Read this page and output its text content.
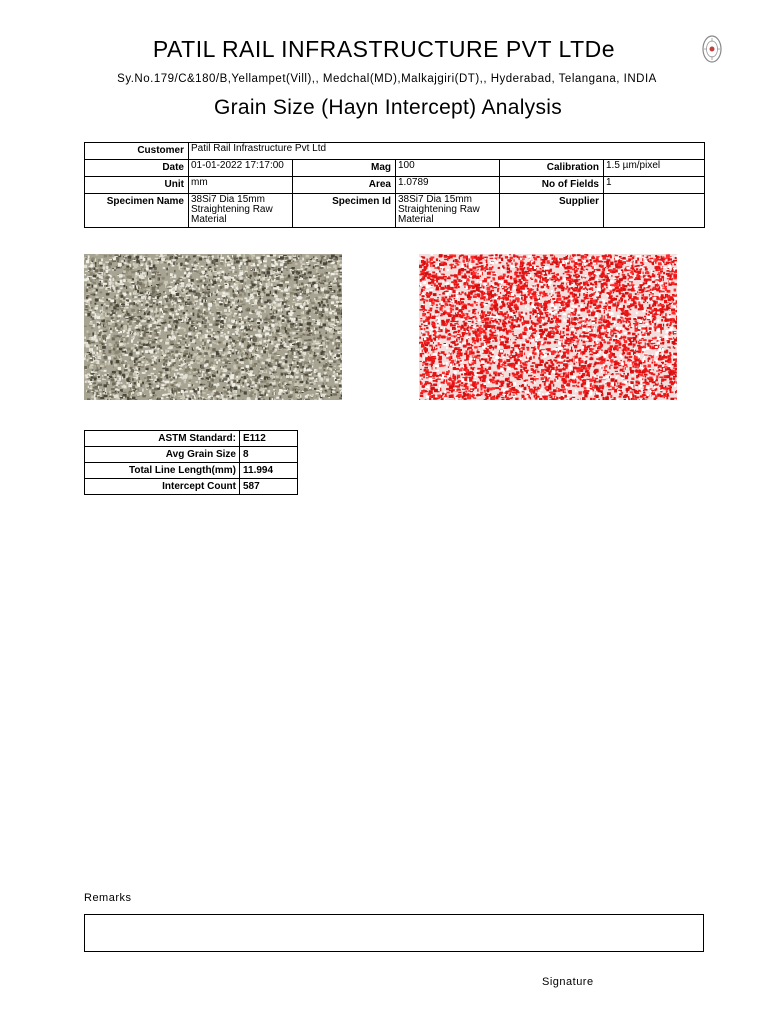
PATIL RAIL INFRASTRUCTURE PVT LTDe
Sy.No.179/C&180/B,Yellampet(Vill),, Medchal(MD),Malkajgiri(DT),, Hyderabad, Telangana, INDIA
Grain Size (Hayn Intercept) Analysis
Customer	Patil Rail Infrastructure Pvt Ltd				
Date	01-01-2022 17:17:00	Mag	100	Calibration	1.5 µm/pixel
Unit	mm	Area	1.0789	No of Fields	1
Specimen Name	38Si7 Dia 15mm Straightening Raw Material	Specimen Id	38Si7 Dia 15mm Straightening Raw Material	Supplier	
ASTM Standard:	E112
Avg Grain Size	8
Total Line Length(mm)	11.994
Intercept Count	587
Remarks
Signature
